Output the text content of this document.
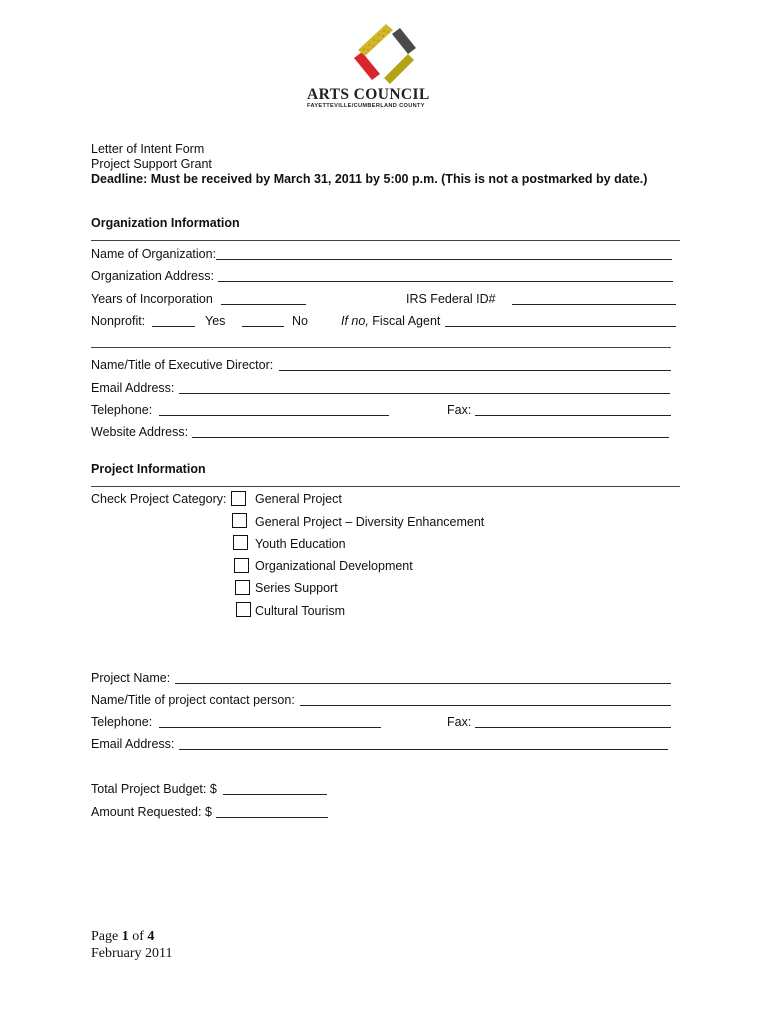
ARTS COUNCIL
FAYETTEVILLE/CUMBERLAND COUNTY
Letter of Intent Form
Project Support Grant
Deadline: Must be received by March 31, 2011 by 5:00 p.m. (This is not a postmarked by date.)
Organization Information
Name of Organization:
Organization Address:
Years of Incorporation	IRS Federal ID#
Nonprofit:	Yes	No	If no, Fiscal Agent
Name/Title of Executive Director:
Email Address:
Telephone:	Fax:
Website Address:
Project Information
Check Project Category: General Project
General Project – Diversity Enhancement
Youth Education
Organizational Development
Series Support
Cultural Tourism
Project Name:
Name/Title of project contact person:
Telephone:	Fax:
Email Address:
Total Project Budget: $
Amount Requested: $
Page 1 of 4
February 2011
